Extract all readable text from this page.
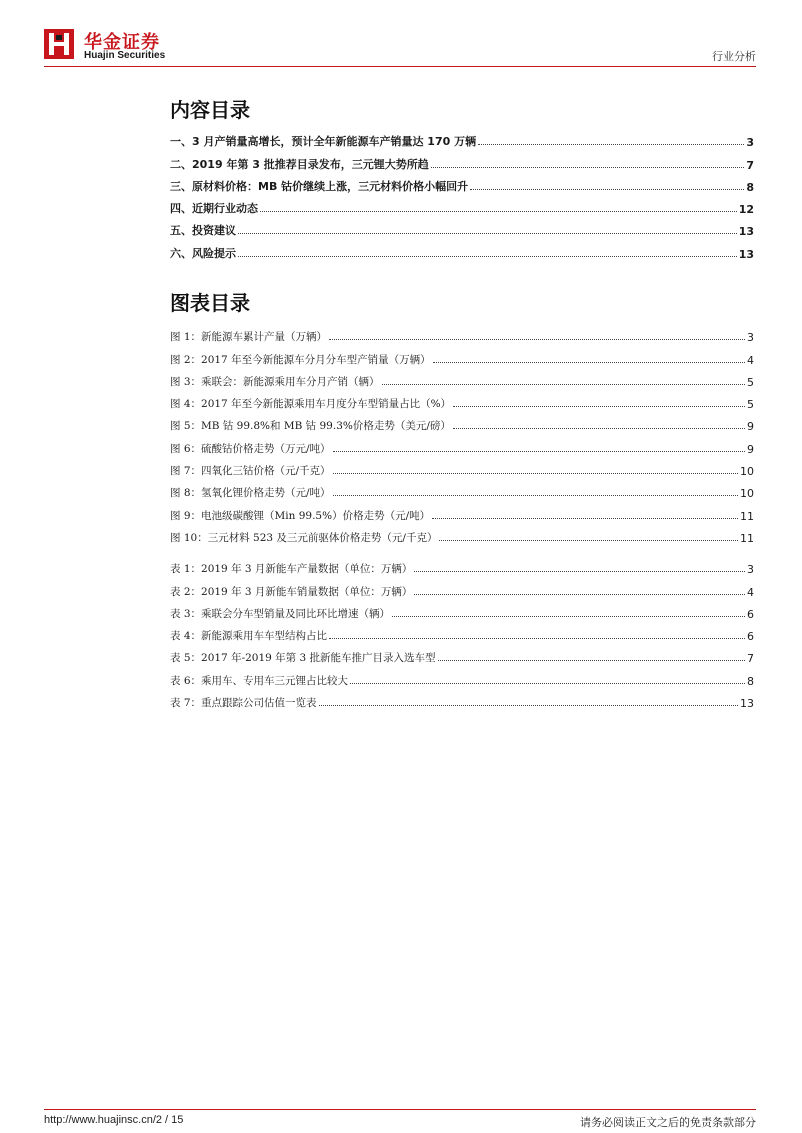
华金证券
Huajin Securities	行业分析
内容目录
一、3 月产销量高增长，预计全年新能源车产销量达 170 万辆	3
二、2019 年第 3 批推荐目录发布，三元锂大势所趋	7
三、原材料价格：MB 钴价继续上涨，三元材料价格小幅回升	8
四、近期行业动态	12
五、投资建议	13
六、风险提示	13
图表目录
图 1：新能源车累计产量（万辆）	3
图 2：2017 年至今新能源车分月分车型产销量（万辆）	4
图 3：乘联会：新能源乘用车分月产销（辆）	5
图 4：2017 年至今新能源乘用车月度分车型销量占比（%）	5
图 5：MB 钴 99.8%和 MB 钴 99.3%价格走势（美元/磅）	9
图 6：硫酸钴价格走势（万元/吨）	9
图 7：四氧化三钴价格（元/千克）	10
图 8：氢氧化锂价格走势（元/吨）	10
图 9：电池级碳酸锂（Min 99.5%）价格走势（元/吨）	11
图 10：三元材料 523 及三元前驱体价格走势（元/千克）	11
表 1：2019 年 3 月新能车产量数据（单位：万辆）	3
表 2：2019 年 3 月新能车销量数据（单位：万辆）	4
表 3：乘联会分车型销量及同比环比增速（辆）	6
表 4：新能源乘用车车型结构占比	6
表 5：2017 年-2019 年第 3 批新能车推广目录入选车型	7
表 6：乘用车、专用车三元锂占比较大	8
表 7：重点跟踪公司估值一览表	13
http://www.huajinsc.cn/2 / 15	请务必阅读正文之后的免责条款部分
